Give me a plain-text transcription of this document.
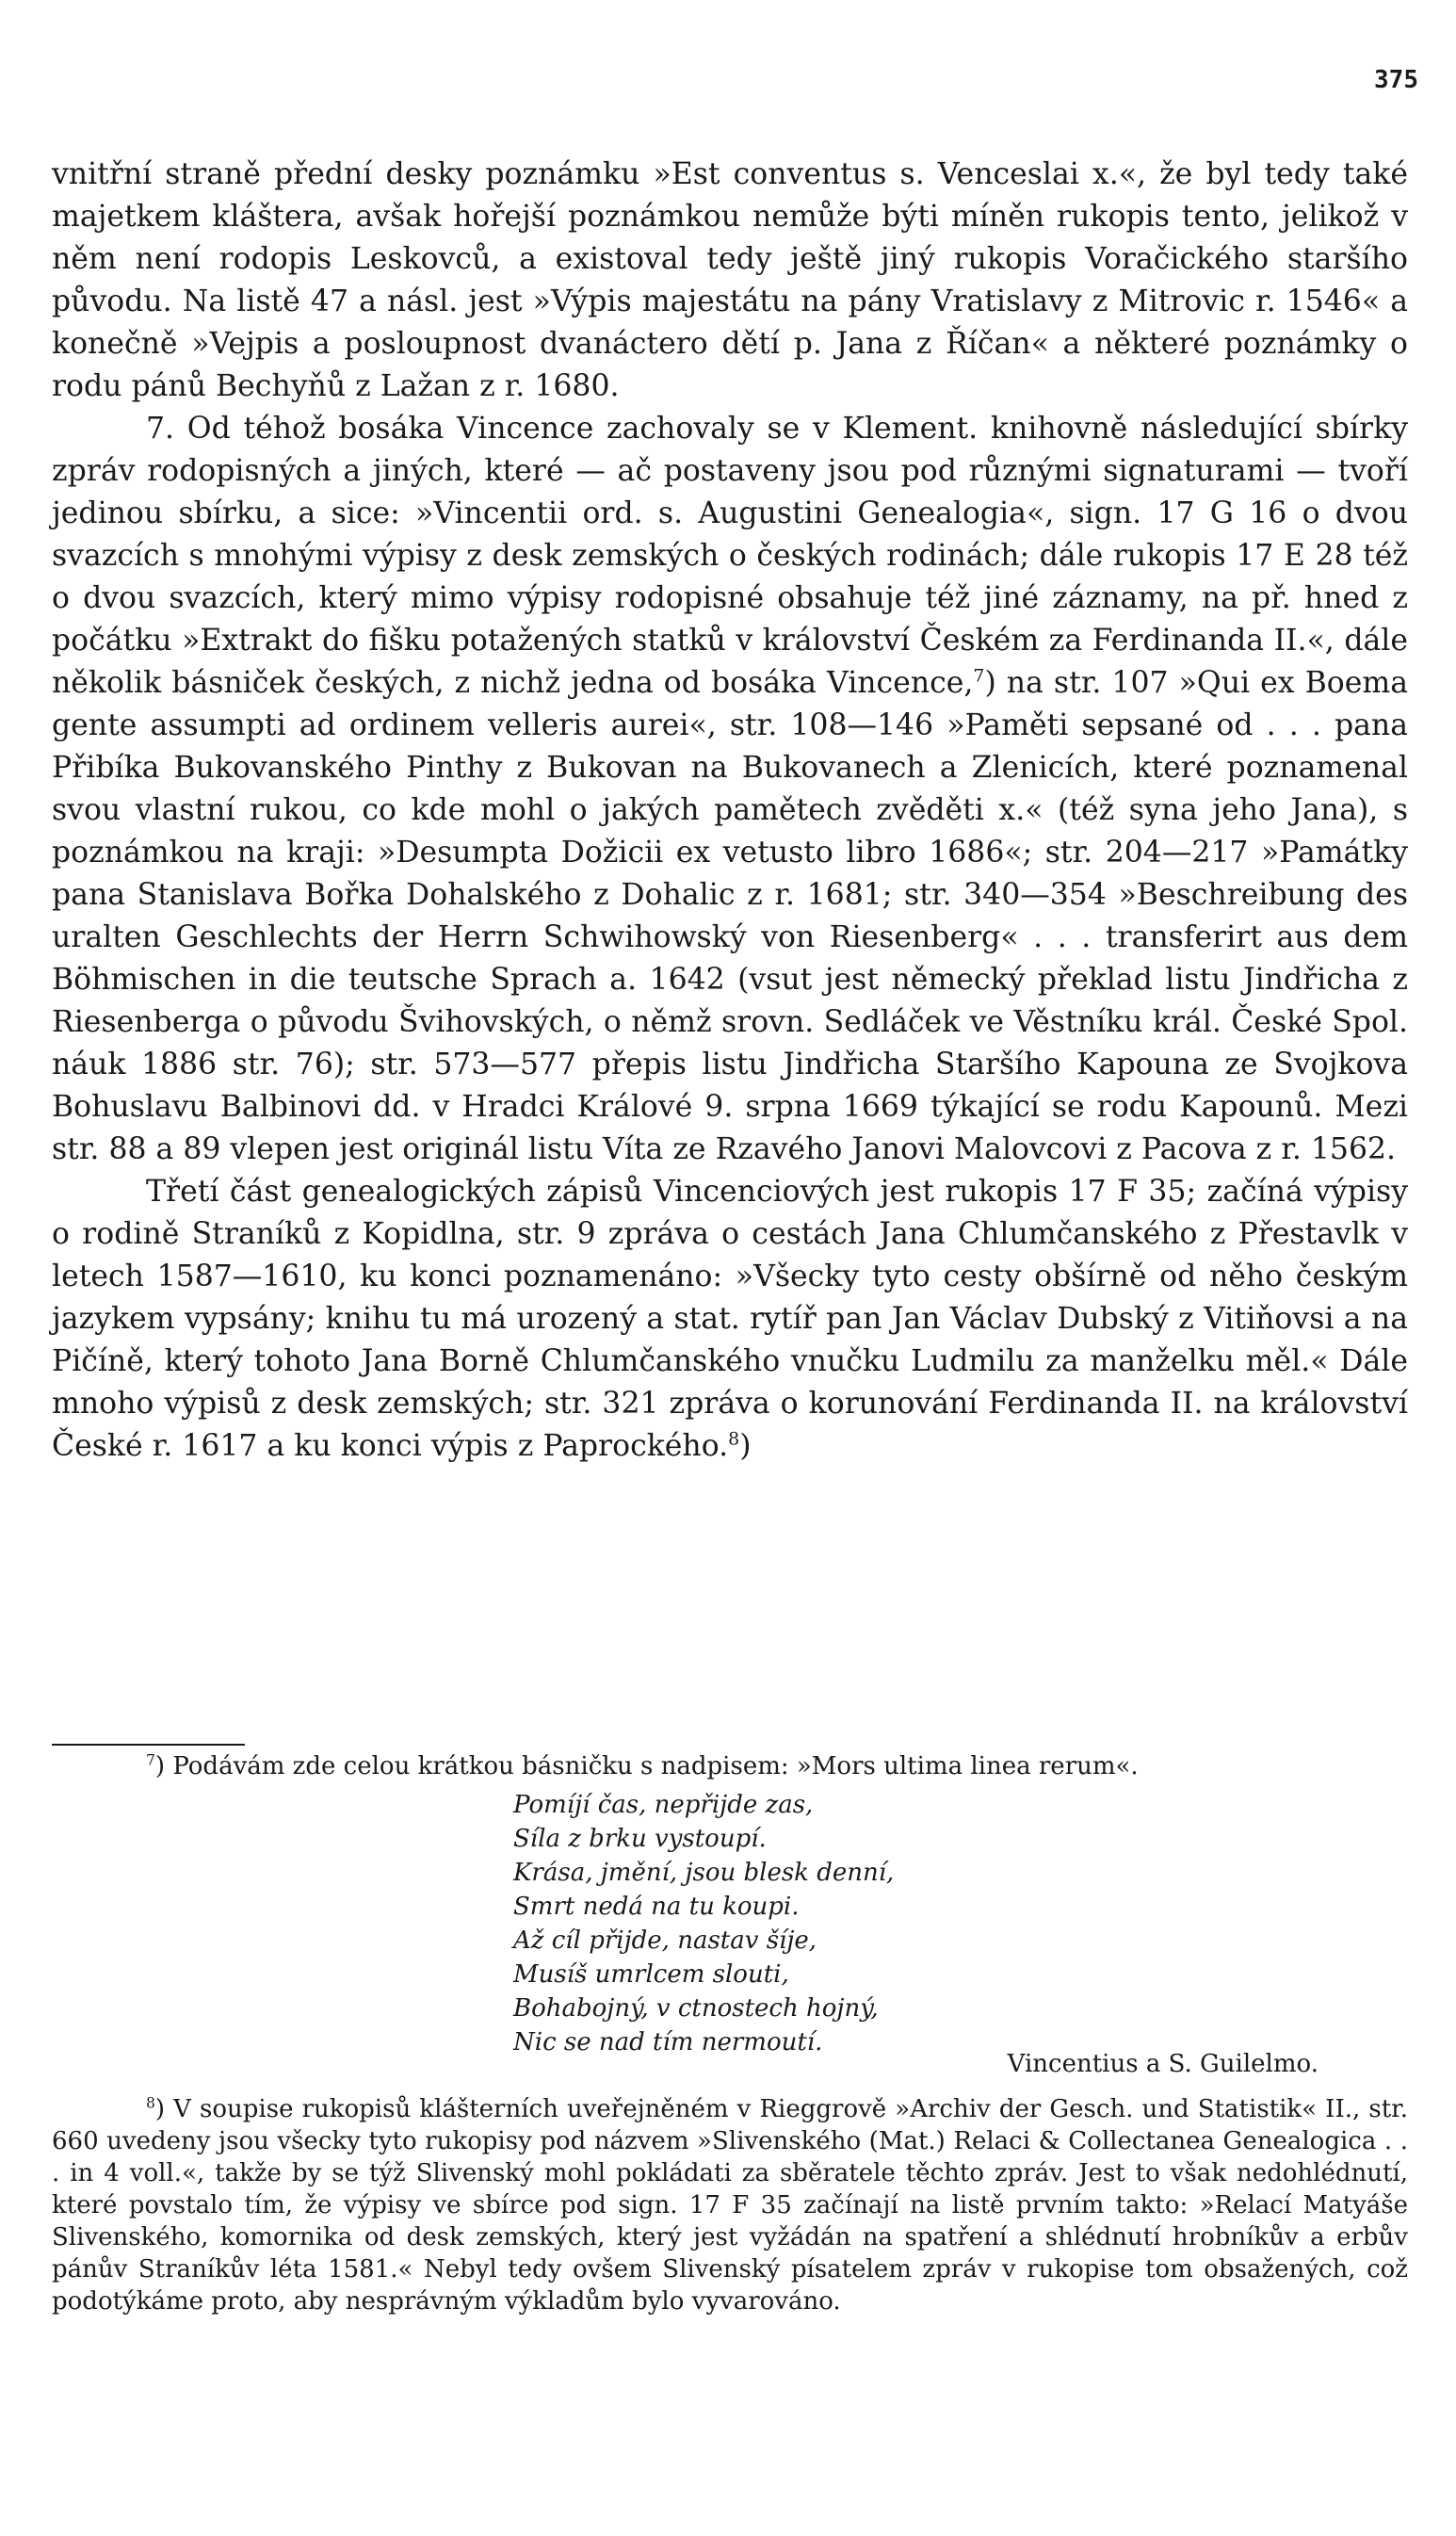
375

vnitřní straně přední desky poznámku »Est conventus s. Venceslai x.«, že byl tedy také majetkem kláštera, avšak hořejší poznámkou nemůže býti míněn rukopis tento, jelikož v něm není rodopis Leskovců, a existoval tedy ještě jiný rukopis Voračického staršího původu. Na listě 47 a násl. jest »Výpis majestátu na pány Vratislavy z Mitrovic r. 1546« a konečně »Vejpis a posloupnost dvanáctero dětí p. Jana z Říčan« a některé poznámky o rodu pánů Bechyňů z Lažan z r. 1680.

7. Od téhož bosáka Vincence zachovaly se v Klement. knihovně následující sbírky zpráv rodopisných a jiných, které — ač postaveny jsou pod různými signaturami — tvoří jedinou sbírku, a sice: »Vincentii ord. s. Augustini Genealogia«, sign. 17 G 16 o dvou svazcích s mnohými výpisy z desk zemských o českých rodinách; dále rukopis 17 E 28 též o dvou svazcích, který mimo výpisy rodopisné obsahuje též jiné záznamy, na př. hned z počátku »Extrakt do fišku potažených statků v království Českém za Ferdinanda II.«, dále několik básniček českých, z nichž jedna od bosáka Vincence,$^7$) na str. 107 »Qui ex Boema gente assumpti ad ordinem velleris aurei«, str. 108—146 »Paměti sepsané od . . . pana Přibíka Bukovanského Pinthy z Bukovan na Bukovanech a Zlenicích, které poznamenal svou vlastní rukou, co kde mohl o jakých pamětech zvěděti x.« (též syna jeho Jana), s poznámkou na kraji: »Desumpta Dožicii ex vetusto libro 1686«; str. 204—217 »Památky pana Stanislava Bořka Dohalského z Dohalic z r. 1681; str. 340—354 »Beschreibung des uralten Geschlechts der Herrn Schwihowský von Riesenberg« . . . transferirt aus dem Böhmischen in die teutsche Sprach a. 1642 (vsut jest německý překlad listu Jindřicha z Riesenberga o původu Švihovských, o němž srovn. Sedláček ve Věstníku král. České Spol. náuk 1886 str. 76); str. 573—577 přepis listu Jindřicha Staršího Kapouna ze Svojkova Bohuslavu Balbinovi dd. v Hradci Králové 9. srpna 1669 týkající se rodu Kapounů. Mezi str. 88 a 89 vlepen jest originál listu Víta ze Rzavého Janovi Malovcovi z Pacova z r. 1562.

Třetí část genealogických zápisů Vincenciových jest rukopis 17 F 35; začíná výpisy o rodině Straníků z Kopidlna, str. 9 zpráva o cestách Jana Chlumčanského z Přestavlk v letech 1587—1610, ku konci poznamenáno: »Všecky tyto cesty obšírně od něho českým jazykem vypsány; knihu tu má urozený a stat. rytíř pan Jan Václav Dubský z Vitiňovsi a na Pičíně, který tohoto Jana Borně Chlumčanského vnučku Ludmilu za manželku měl.« Dále mnoho výpisů z desk zemských; str. 321 zpráva o korunování Ferdinanda II. na království České r. 1617 a ku konci výpis z Paprockého.$^8$)

$^7$) Podávám zde celou krátkou básničku s nadpisem: »Mors ultima linea rerum«.

Pomíjí čas, nepřijde zas,
Síla z brku vystoupí.
Krása, jmění, jsou blesk denní,
Smrt nedá na tu koupi.
Až cíl přijde, nastav šíje,
Musíš umrlcem slouti,
Bohabojný, v ctnostech hojný,
Nic se nad tím nermoutí.
Vincentius a S. Guilelmo.

$^8$) V soupise rukopisů klášterních uveřejněném v Rieggrově »Archiv der Gesch. und Statistik« II., str. 660 uvedeny jsou všecky tyto rukopisy pod názvem »Slivenského (Mat.) Relaci & Collectanea Genealogica . . . in 4 voll.«, takže by se týž Slivenský mohl pokládati za sběratele těchto zpráv. Jest to však nedohlédnutí, které povstalo tím, že výpisy ve sbírce pod sign. 17 F 35 začínají na listě prvním takto: »Relací Matyáše Slivenského, komornika od desk zemských, který jest vyžádán na spatření a shlédnutí hrobníkův a erbův pánův Straníkův léta 1581.« Nebyl tedy ovšem Slivenský písatelem zpráv v rukopise tom obsažených, což podotýkáme proto, aby nesprávným výkladům bylo vyvarováno.
